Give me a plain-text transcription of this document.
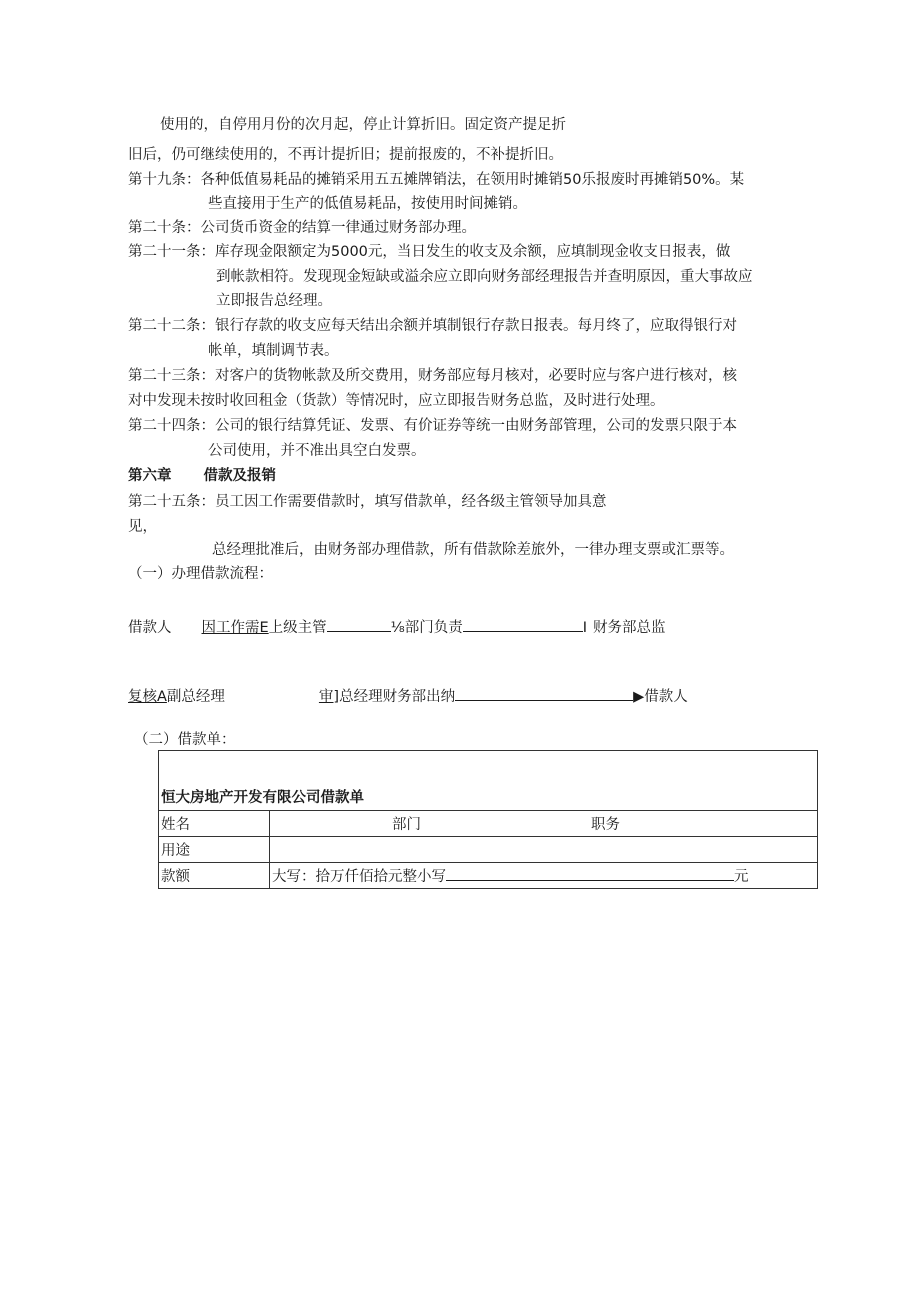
使用的，自停用月份的次月起，停止计算折旧。固定资产提足折
旧后，仍可继续使用的，不再计提折旧；提前报废的，不补提折旧。
第十九条：各种低值易耗品的摊销采用五五摊牌销法，在领用时摊销50乐报废时再摊销50%。某
些直接用于生产的低值易耗品，按使用时间摊销。
第二十条：公司货币资金的结算一律通过财务部办理。
第二十一条：库存现金限额定为5000元，当日发生的收支及余额，应填制现金收支日报表，做
到帐款相符。发现现金短缺或溢余应立即向财务部经理报告并查明原因，重大事故应
立即报告总经理。
第二十二条：银行存款的收支应每天结出余额并填制银行存款日报表。每月终了，应取得银行对
帐单，填制调节表。
第二十三条：对客户的货物帐款及所交费用，财务部应每月核对，必要时应与客户进行核对，核
对中发现未按时收回租金（货款）等情况时，应立即报告财务总监，及时进行处理。
第二十四条：公司的银行结算凭证、发票、有价证券等统一由财务部管理，公司的发票只限于本
公司使用，并不准出具空白发票。
第六章 借款及报销
第二十五条：员工因工作需要借款时，填写借款单，经各级主管领导加具意
见，
总经理批准后，由财务部办理借款，所有借款除差旅外，一律办理支票或汇票等。
（一）办理借款流程：
借款人 因工作需E上级主管	⅛部门负责	I 财务部总监
复核A副总经理	审]总经理财务部出纳	▶借款人
（二）借款单：
恒大房地产开发有限公司借款单	
姓名	部门 职务
用途	
款额	大写：拾万仟佰拾元整小写 元
